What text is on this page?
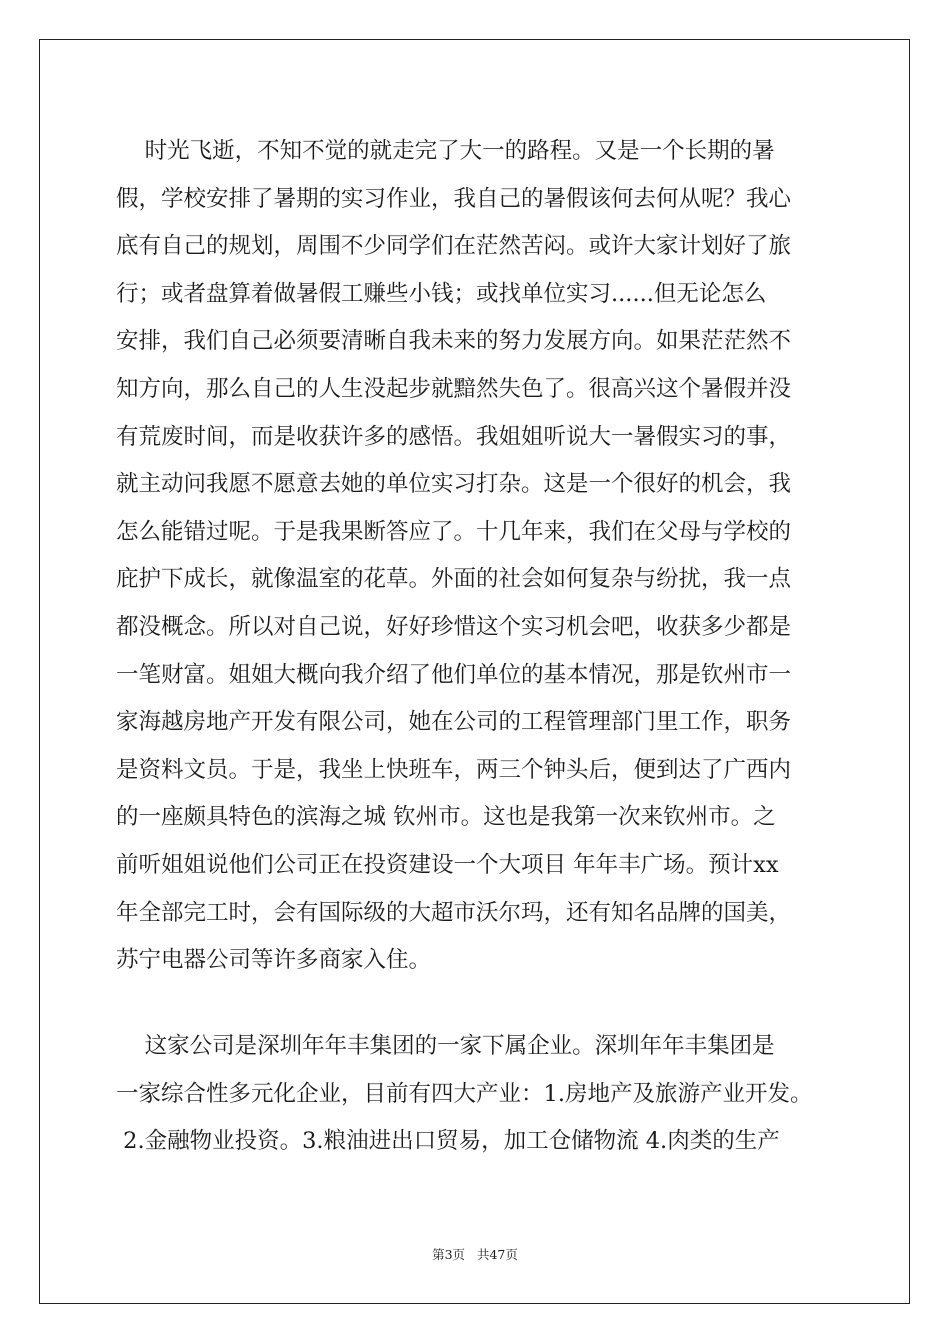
时光飞逝，不知不觉的就走完了大一的路程。又是一个长期的暑
假，学校安排了暑期的实习作业，我自己的暑假该何去何从呢？我心
底有自己的规划，周围不少同学们在茫然苦闷。或许大家计划好了旅
行；或者盘算着做暑假工赚些小钱；或找单位实习......但无论怎么
安排，我们自己必须要清晰自我未来的努力发展方向。如果茫茫然不
知方向，那么自己的人生没起步就黯然失色了。很高兴这个暑假并没
有荒废时间，而是收获许多的感悟。我姐姐听说大一暑假实习的事，
就主动问我愿不愿意去她的单位实习打杂。这是一个很好的机会，我
怎么能错过呢。于是我果断答应了。十几年来，我们在父母与学校的
庇护下成长，就像温室的花草。外面的社会如何复杂与纷扰，我一点
都没概念。所以对自己说，好好珍惜这个实习机会吧，收获多少都是
一笔财富。姐姐大概向我介绍了他们单位的基本情况，那是钦州市一
家海越房地产开发有限公司，她在公司的工程管理部门里工作，职务
是资料文员。于是，我坐上快班车，两三个钟头后，便到达了广西内
的一座颇具特色的滨海之城 钦州市。这也是我第一次来钦州市。之
前听姐姐说他们公司正在投资建设一个大项目 年年丰广场。预计xx
年全部完工时，会有国际级的大超市沃尔玛，还有知名品牌的国美，
苏宁电器公司等许多商家入住。
这家公司是深圳年年丰集团的一家下属企业。深圳年年丰集团是
一家综合性多元化企业，目前有四大产业：1.房地产及旅游产业开发。
2.金融物业投资。3.粮油进出口贸易，加工仓储物流 4.肉类的生产
第3页 共47页
